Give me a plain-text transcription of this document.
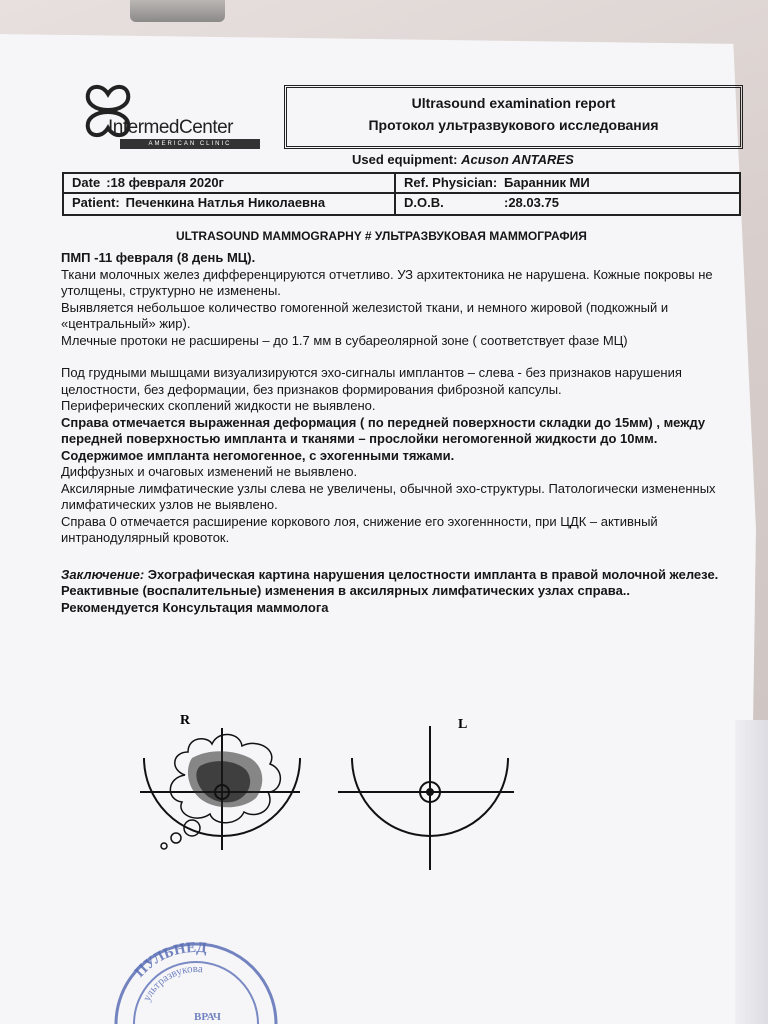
IntermedCenter
AMERICAN CLINIC
Ultrasound examination report
Протокол ультразвукового исследования
Used equipment: Acuson ANTARES
Date :18 февраля 2020г	Ref. Physician: Баранник МИ
Patient: Печенкина Натлья Николаевна	D.O.B.	:28.03.75
ULTRASOUND MAMMOGRAPHY # УЛЬТРАЗВУКОВАЯ МАММОГРАФИЯ

ПМП -11 февраля (8 день МЦ).

Ткани молочных желез дифференцируются отчетливо. УЗ архитектоника не нарушена. Кожные покровы не утолщены, структурно не изменены.

Выявляется небольшое количество гомогенной железистой ткани, и немного жировой (подкожный и «центральный» жир).

Млечные протоки не расширены – до 1.7 мм в субареолярной зоне ( соответствует фазе МЦ)

Под грудными мышцами визуализируются эхо-сигналы имплантов – слева - без признаков нарушения целостности, без деформации, без признаков формирования фиброзной капсулы.

Периферических скоплений жидкости не выявлено.

Справа отмечается выраженная деформация ( по передней поверхности складки до 15мм) , между передней поверхностью импланта и тканями – прослойки негомогенной жидкости до 10мм. Содержимое импланта негомогенное, с эхогенными тяжами.

Диффузных и очаговых изменений не выявлено.

Аксилярные лимфатические узлы слева не увеличены, обычной эхо-структуры. Патологически измененных лимфатических узлов не выявлено.

Справа 0 отмечается расширение коркового лоя, снижение его эхогеннности, при ЦДК – активный интранодулярный кровоток.

Заключение: Эхографическая картина нарушения целостности импланта в правой молочной железе. Реактивные (воспалительные) изменения в аксилярных лимфатических узлах справа..

Рекомендуется Консультация маммолога

R	L
ПУЛЬНЕД
ультразвукова
ВРАЧ
